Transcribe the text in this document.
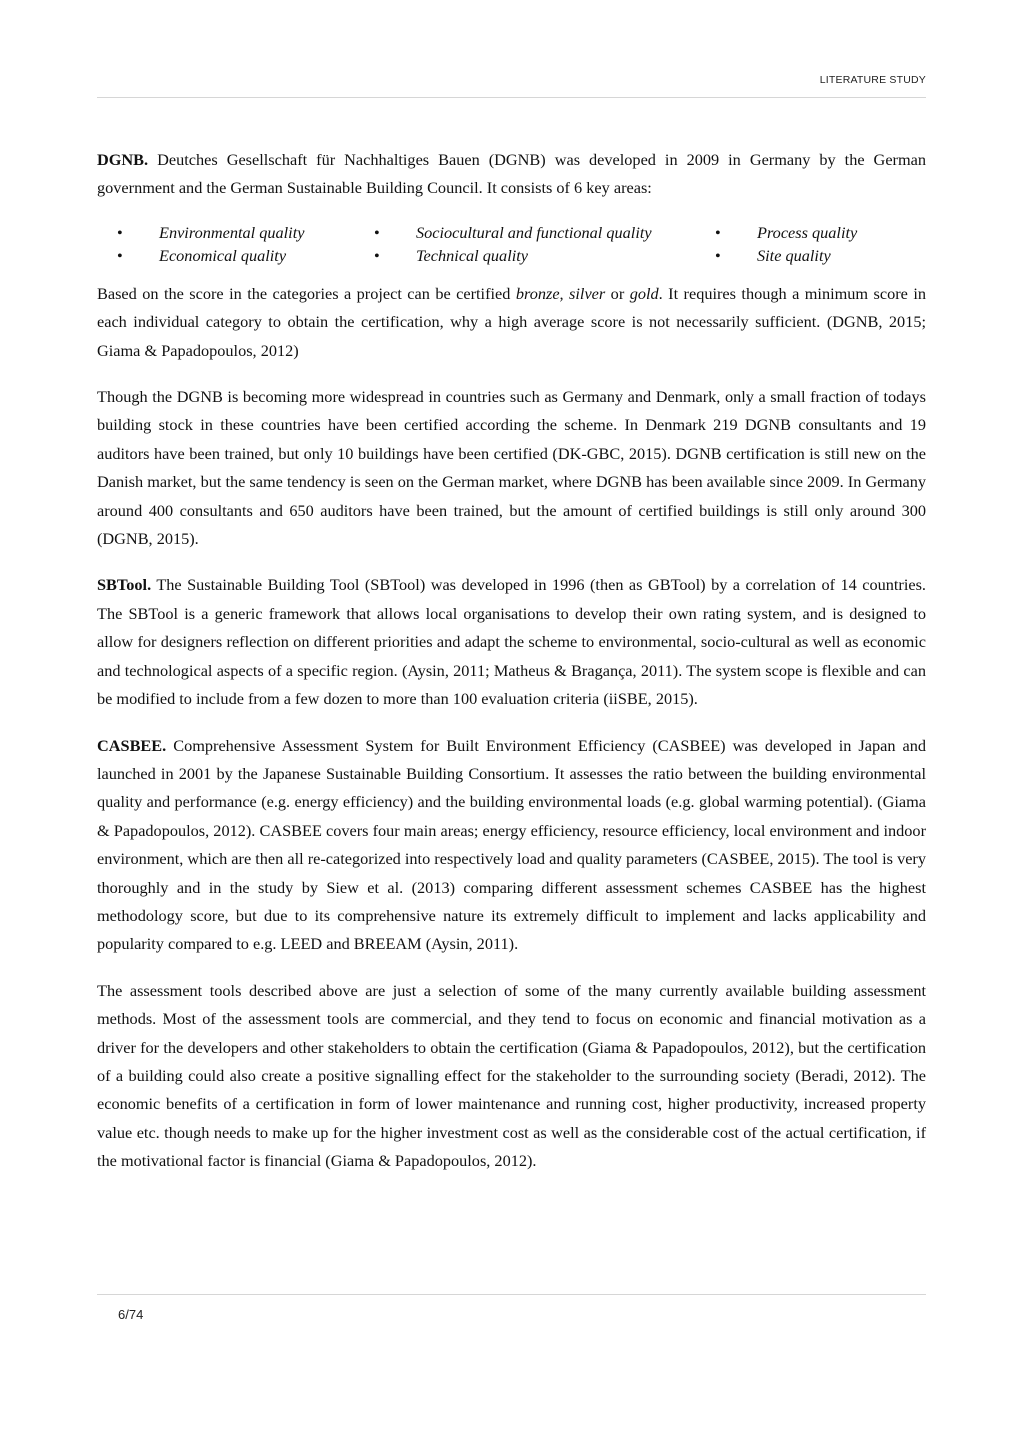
LITERATURE STUDY

DGNB. Deutches Gesellschaft für Nachhaltiges Bauen (DGNB) was developed in 2009 in Germany by the German government and the German Sustainable Building Council. It consists of 6 key areas:

• Environmental quality
• Economical quality
• Sociocultural and functional quality
• Technical quality
• Process quality
• Site quality

Based on the score in the categories a project can be certified bronze, silver or gold. It requires though a minimum score in each individual category to obtain the certification, why a high average score is not necessarily sufficient. (DGNB, 2015; Giama & Papadopoulos, 2012)

Though the DGNB is becoming more widespread in countries such as Germany and Denmark, only a small fraction of todays building stock in these countries have been certified according the scheme. In Denmark 219 DGNB consultants and 19 auditors have been trained, but only 10 buildings have been certified (DK-GBC, 2015). DGNB certification is still new on the Danish market, but the same tendency is seen on the German market, where DGNB has been available since 2009. In Germany around 400 consultants and 650 auditors have been trained, but the amount of certified buildings is still only around 300 (DGNB, 2015).

SBTool. The Sustainable Building Tool (SBTool) was developed in 1996 (then as GBTool) by a correlation of 14 countries. The SBTool is a generic framework that allows local organisations to develop their own rating system, and is designed to allow for designers reflection on different priorities and adapt the scheme to environmental, socio-cultural as well as economic and technological aspects of a specific region. (Aysin, 2011; Matheus & Bragança, 2011). The system scope is flexible and can be modified to include from a few dozen to more than 100 evaluation criteria (iiSBE, 2015).

CASBEE. Comprehensive Assessment System for Built Environment Efficiency (CASBEE) was developed in Japan and launched in 2001 by the Japanese Sustainable Building Consortium. It assesses the ratio between the building environmental quality and performance (e.g. energy efficiency) and the building environmental loads (e.g. global warming potential). (Giama & Papadopoulos, 2012). CASBEE covers four main areas; energy efficiency, resource efficiency, local environment and indoor environment, which are then all re-categorized into respectively load and quality parameters (CASBEE, 2015). The tool is very thoroughly and in the study by Siew et al. (2013) comparing different assessment schemes CASBEE has the highest methodology score, but due to its comprehensive nature its extremely difficult to implement and lacks applicability and popularity compared to e.g. LEED and BREEAM (Aysin, 2011).

The assessment tools described above are just a selection of some of the many currently available building assessment methods. Most of the assessment tools are commercial, and they tend to focus on economic and financial motivation as a driver for the developers and other stakeholders to obtain the certification (Giama & Papadopoulos, 2012), but the certification of a building could also create a positive signalling effect for the stakeholder to the surrounding society (Beradi, 2012). The economic benefits of a certification in form of lower maintenance and running cost, higher productivity, increased property value etc. though needs to make up for the higher investment cost as well as the considerable cost of the actual certification, if the motivational factor is financial (Giama & Papadopoulos, 2012).

6/74
